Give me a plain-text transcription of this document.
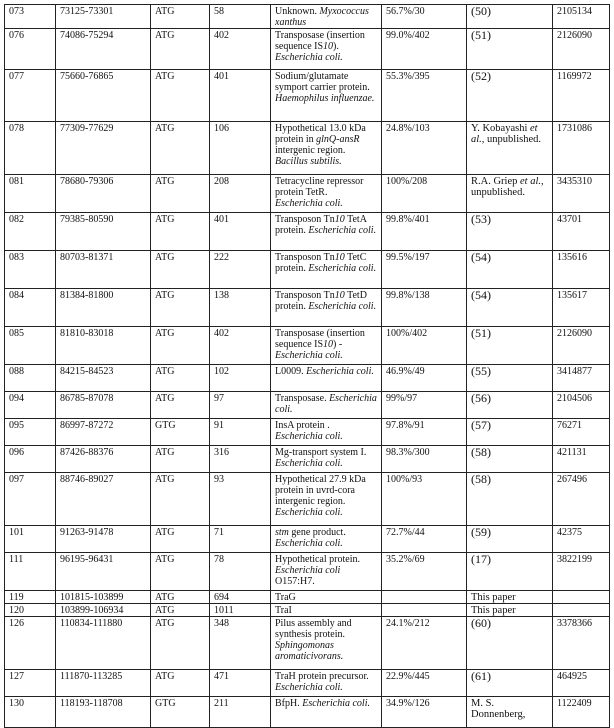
073	73125-73301	ATG	58	Unknown. Myxococcus xanthus	56.7%/30	(50)	2105134
076	74086-75294	ATG	402	Transposase (insertion sequence IS10). Escherichia coli.	99.0%/402	(51)	2126090
077	75660-76865	ATG	401	Sodium/glutamate symport carrier protein. Haemophilus influenzae.	55.3%/395	(52)	1169972
078	77309-77629	ATG	106	Hypothetical 13.0 kDa protein in glnQ-ansR intergenic region. Bacillus subtilis.	24.8%/103	Y. Kobayashi et al., unpublished.	1731086
081	78680-79306	ATG	208	Tetracycline repressor protein TetR. Escherichia coli.	100%/208	R.A. Griep et al., unpublished.	3435310
082	79385-80590	ATG	401	Transposon Tn10 TetA protein. Escherichia coli.	99.8%/401	(53)	43701
083	80703-81371	ATG	222	Transposon Tn10 TetC protein. Escherichia coli.	99.5%/197	(54)	135616
084	81384-81800	ATG	138	Transposon Tn10 TetD protein. Escherichia coli.	99.8%/138	(54)	135617
085	81810-83018	ATG	402	Transposase (insertion sequence IS10) - Escherichia coli.	100%/402	(51)	2126090
088	84215-84523	ATG	102	L0009. Escherichia coli.	46.9%/49	(55)	3414877
094	86785-87078	ATG	97	Transposase. Escherichia coli.	99%/97	(56)	2104506
095	86997-87272	GTG	91	InsA protein . Escherichia coli.	97.8%/91	(57)	76271
096	87426-88376	ATG	316	Mg-transport system I. Escherichia coli.	98.3%/300	(58)	421131
097	88746-89027	ATG	93	Hypothetical 27.9 kDa protein in uvrd-cora intergenic region. Escherichia coli.	100%/93	(58)	267496
101	91263-91478	ATG	71	stm gene product. Escherichia coli.	72.7%/44	(59)	42375
111	96195-96431	ATG	78	Hypothetical protein. Escherichia coli O157:H7.	35.2%/69	(17)	3822199
119	101815-103899	ATG	694	TraG		This paper	
120	103899-106934	ATG	1011	TraI		This paper	
126	110834-111880	ATG	348	Pilus assembly and synthesis protein. Sphingomonas aromaticivorans.	24.1%/212	(60)	3378366
127	111870-113285	ATG	471	TraH protein precursor. Escherichia coli.	22.9%/445	(61)	464925
130	118193-118708	GTG	211	BfpH. Escherichia coli.	34.9%/126	M. S. Donnenberg,	1122409
